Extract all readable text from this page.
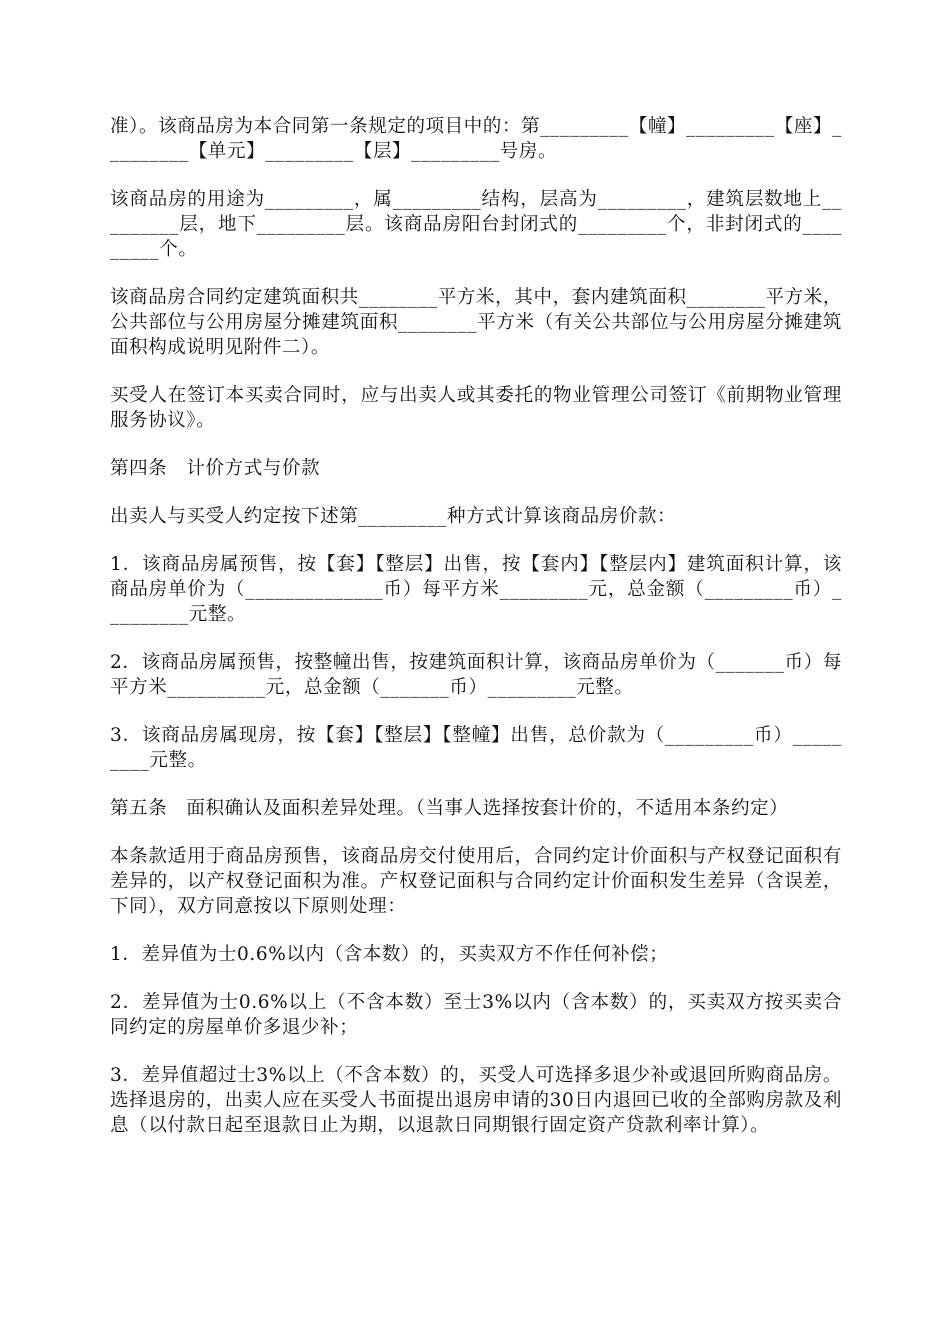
准）。该商品房为本合同第一条规定的项目中的：第_________【幢】_________【座】_________【单元】_________【层】_________号房。

该商品房的用途为_________，属_________结构，层高为_________，建筑层数地上_________层，地下_________层。该商品房阳台封闭式的_________个，非封闭式的_________个。

该商品房合同约定建筑面积共________平方米，其中，套内建筑面积________平方米，公共部位与公用房屋分摊建筑面积________平方米（有关公共部位与公用房屋分摊建筑面积构成说明见附件二）。

买受人在签订本买卖合同时，应与出卖人或其委托的物业管理公司签订《前期物业管理服务协议》。

第四条　计价方式与价款

出卖人与买受人约定按下述第_________种方式计算该商品房价款：

1．该商品房属预售，按【套】【整层】出售，按【套内】【整层内】建筑面积计算，该商品房单价为（______________币）每平方米_________元，总金额（_________币）_________元整。

2．该商品房属预售，按整幢出售，按建筑面积计算，该商品房单价为（_______币）每平方米__________元，总金额（_______币）_________元整。

3．该商品房属现房，按【套】【整层】【整幢】出售，总价款为（_________币）_________元整。

第五条　面积确认及面积差异处理。（当事人选择按套计价的，不适用本条约定）

本条款适用于商品房预售，该商品房交付使用后，合同约定计价面积与产权登记面积有差异的，以产权登记面积为准。产权登记面积与合同约定计价面积发生差异（含误差，下同），双方同意按以下原则处理：

1．差异值为士0.6%以内（含本数）的，买卖双方不作任何补偿；

2．差异值为士0.6%以上（不含本数）至士3%以内（含本数）的，买卖双方按买卖合同约定的房屋单价多退少补；

3．差异值超过士3%以上（不含本数）的，买受人可选择多退少补或退回所购商品房。选择退房的，出卖人应在买受人书面提出退房申请的30日内退回已收的全部购房款及利息（以付款日起至退款日止为期，以退款日同期银行固定资产贷款利率计算）。
